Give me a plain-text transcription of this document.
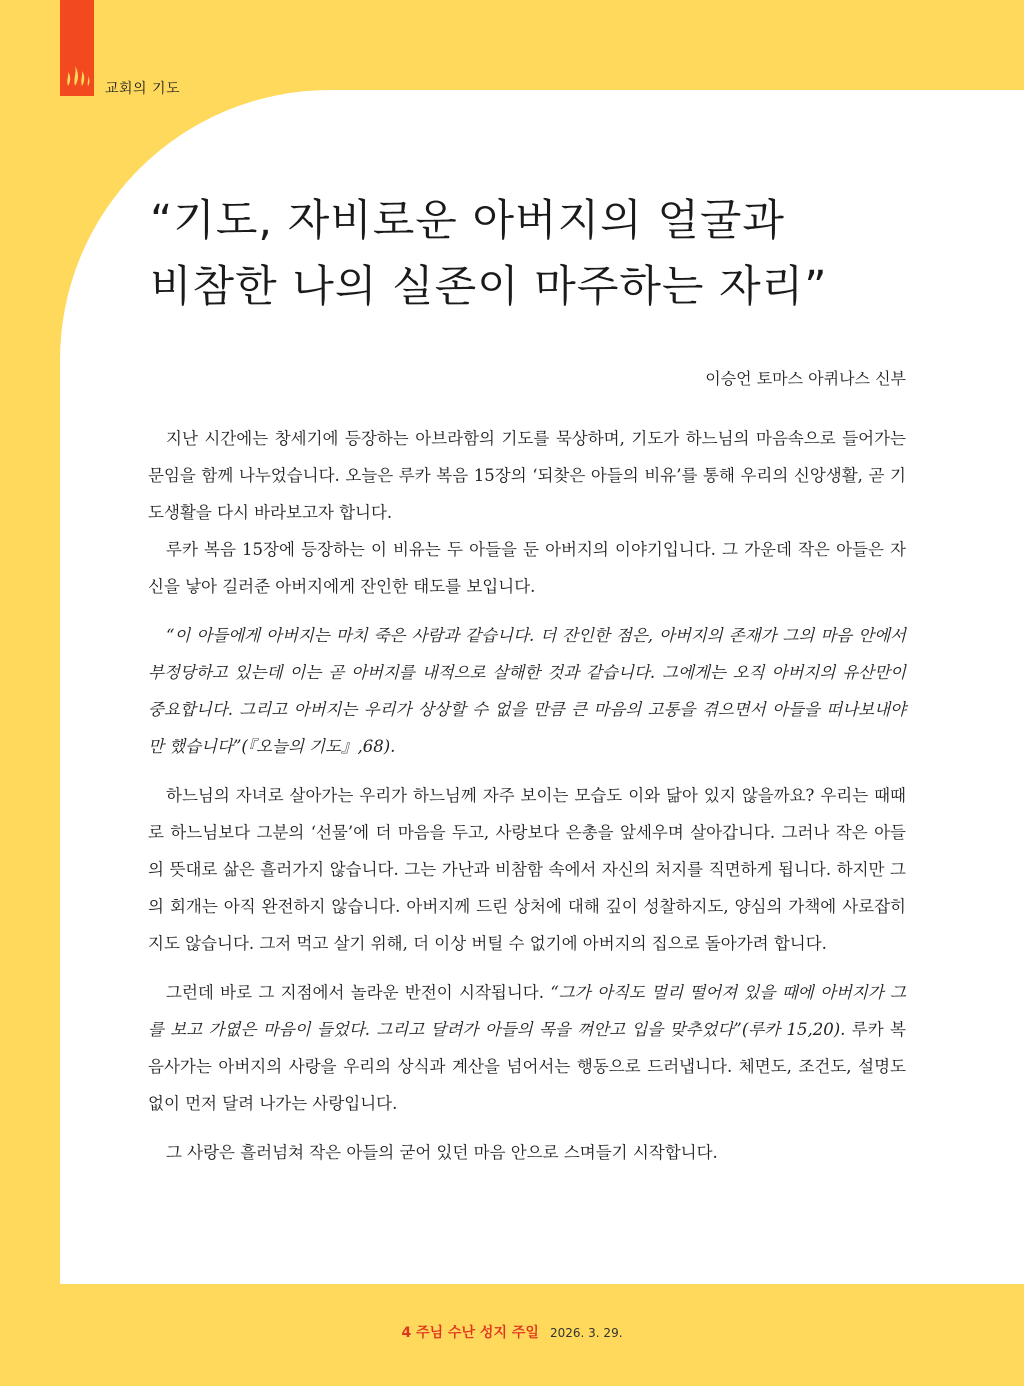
교회의 기도
“기도, 자비로운 아버지의 얼굴과
비참한 나의 실존이 마주하는 자리”
이승언 토마스 아퀴나스 신부

지난 시간에는 창세기에 등장하는 아브라함의 기도를 묵상하며, 기도가 하느님의 마음속으로 들어가는 문임을 함께 나누었습니다. 오늘은 루카 복음 15장의 ‘되찾은 아들의 비유’를 통해 우리의 신앙생활, 곧 기도생활을 다시 바라보고자 합니다.

루카 복음 15장에 등장하는 이 비유는 두 아들을 둔 아버지의 이야기입니다. 그 가운데 작은 아들은 자신을 낳아 길러준 아버지에게 잔인한 태도를 보입니다.

“이 아들에게 아버지는 마치 죽은 사람과 같습니다. 더 잔인한 점은, 아버지의 존재가 그의 마음 안에서 부정당하고 있는데 이는 곧 아버지를 내적으로 살해한 것과 같습니다. 그에게는 오직 아버지의 유산만이 중요합니다. 그리고 아버지는 우리가 상상할 수 없을 만큼 큰 마음의 고통을 겪으면서 아들을 떠나보내야만 했습니다”(『오늘의 기도』,68).

하느님의 자녀로 살아가는 우리가 하느님께 자주 보이는 모습도 이와 닮아 있지 않을까요? 우리는 때때로 하느님보다 그분의 ‘선물’에 더 마음을 두고, 사랑보다 은총을 앞세우며 살아갑니다. 그러나 작은 아들의 뜻대로 삶은 흘러가지 않습니다. 그는 가난과 비참함 속에서 자신의 처지를 직면하게 됩니다. 하지만 그의 회개는 아직 완전하지 않습니다. 아버지께 드린 상처에 대해 깊이 성찰하지도, 양심의 가책에 사로잡히지도 않습니다. 그저 먹고 살기 위해, 더 이상 버틸 수 없기에 아버지의 집으로 돌아가려 합니다.

그런데 바로 그 지점에서 놀라운 반전이 시작됩니다. “그가 아직도 멀리 떨어져 있을 때에 아버지가 그를 보고 가엾은 마음이 들었다. 그리고 달려가 아들의 목을 껴안고 입을 맞추었다”(루카 15,20). 루카 복음사가는 아버지의 사랑을 우리의 상식과 계산을 넘어서는 행동으로 드러냅니다. 체면도, 조건도, 설명도 없이 먼저 달려 나가는 사랑입니다.

그 사랑은 흘러넘쳐 작은 아들의 굳어 있던 마음 안으로 스며들기 시작합니다.

4 주님 수난 성지 주일 2026. 3. 29.
